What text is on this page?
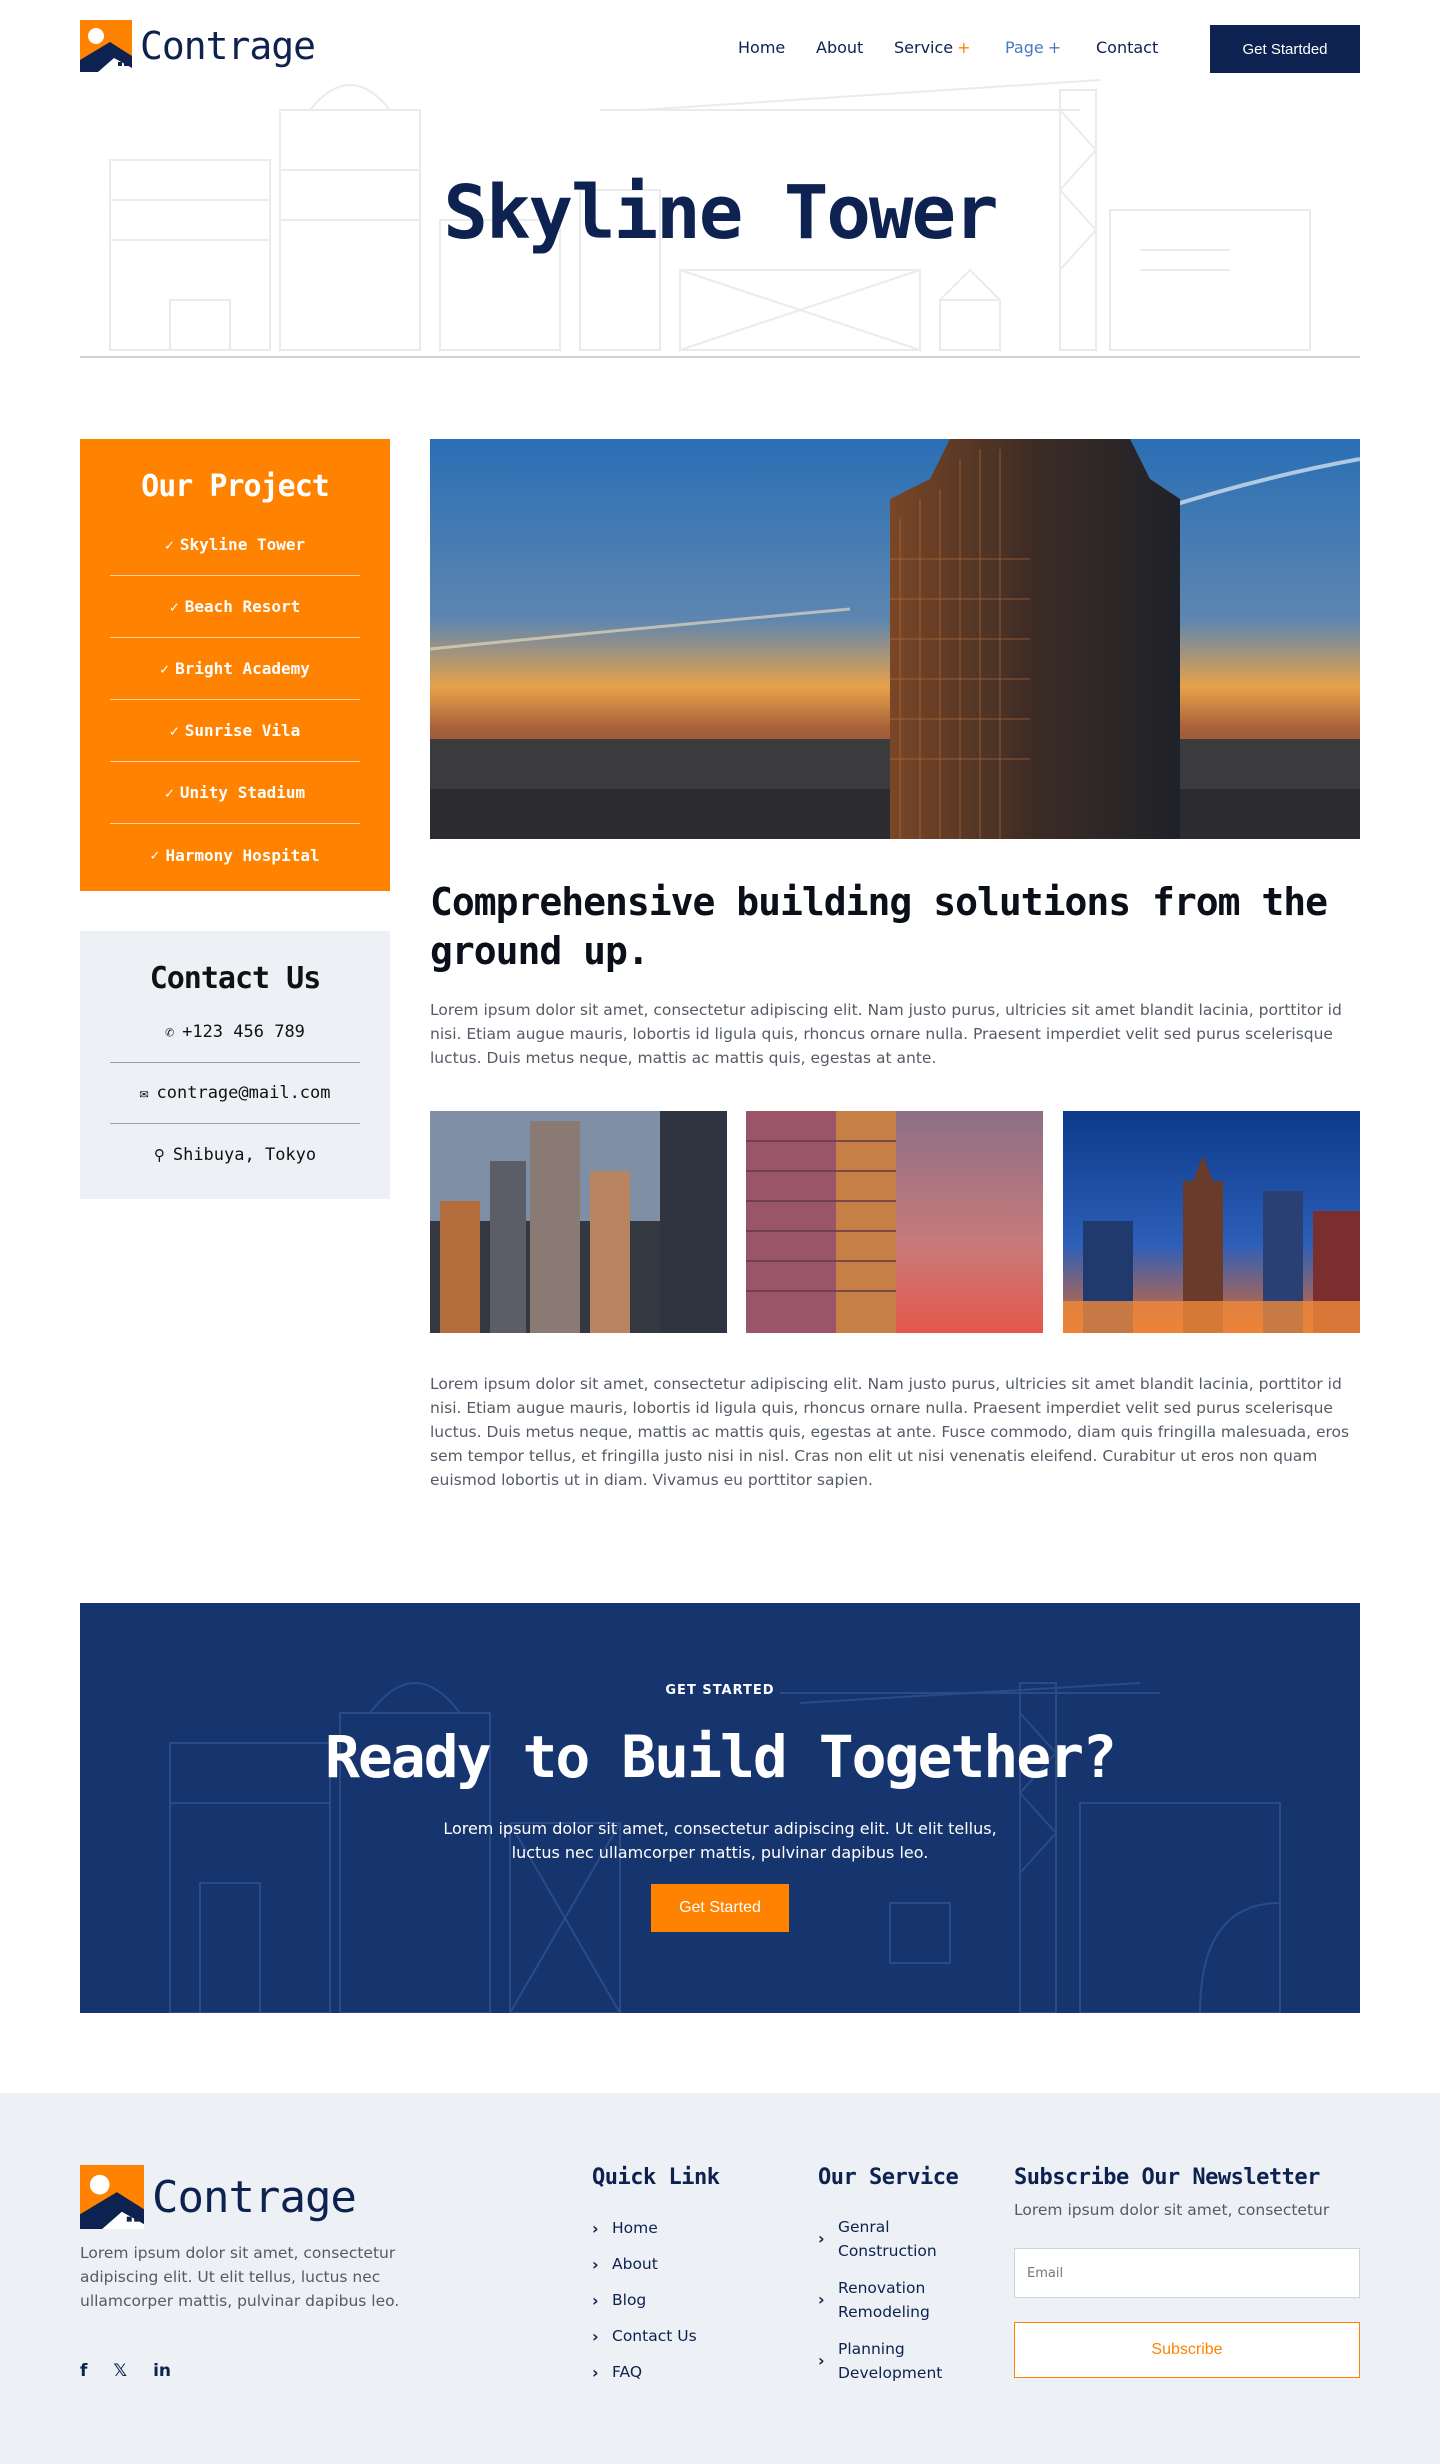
Contrage	Home	About	Service +	Page +	Contact	Get Startded
Skyline Tower
Our Project
✓ Skyline Tower
✓ Beach Resort
✓ Bright Academy
✓ Sunrise Vila
✓ Unity Stadium
✓ Harmony Hospital
Contact Us
✆ +123 456 789
✉ contrage@mail.com
⚲ Shibuya, Tokyo
Comprehensive building solutions from the ground up.

Lorem ipsum dolor sit amet, consectetur adipiscing elit. Nam justo purus, ultricies sit amet blandit lacinia, porttitor id nisi. Etiam augue mauris, lobortis id ligula quis, rhoncus ornare nulla. Praesent imperdiet velit sed purus scelerisque luctus. Duis metus neque, mattis ac mattis quis, egestas at ante.

Lorem ipsum dolor sit amet, consectetur adipiscing elit. Nam justo purus, ultricies sit amet blandit lacinia, porttitor id nisi. Etiam augue mauris, lobortis id ligula quis, rhoncus ornare nulla. Praesent imperdiet velit sed purus scelerisque luctus. Duis metus neque, mattis ac mattis quis, egestas at ante. Fusce commodo, diam quis fringilla malesuada, eros sem tempor tellus, et fringilla justo nisi in nisl. Cras non elit ut nisi venenatis eleifend. Curabitur ut eros non quam euismod lobortis ut in diam. Vivamus eu porttitor sapien.

GET STARTED
Ready to Build Together?
Lorem ipsum dolor sit amet, consectetur adipiscing elit. Ut elit tellus, luctus nec ullamcorper mattis, pulvinar dapibus leo.
Get Started
Contrage

Lorem ipsum dolor sit amet, consectetur adipiscing elit. Ut elit tellus, luctus nec ullamcorper mattis, pulvinar dapibus leo.

f 𝕏 in
Quick Link
› Home
› About
› Blog
› Contact Us
› FAQ
Our Service
›
Genral Construction
›
Renovation Remodeling
›
Planning Development
Subscribe Our Newsletter

Lorem ipsum dolor sit amet, consectetur

Email
Subscribe
